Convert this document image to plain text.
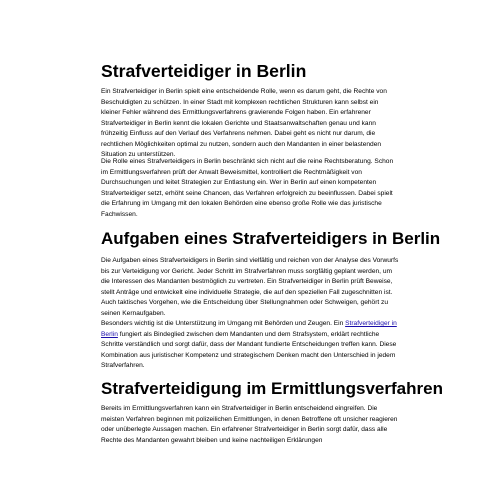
Strafverteidiger in Berlin

Ein Strafverteidiger in Berlin spielt eine entscheidende Rolle, wenn es darum geht, die Rechte von Beschuldigten zu schützen. In einer Stadt mit komplexen rechtlichen Strukturen kann selbst ein kleiner Fehler während des Ermittlungsverfahrens gravierende Folgen haben. Ein erfahrener Strafverteidiger in Berlin kennt die lokalen Gerichte und Staatsanwaltschaften genau und kann frühzeitig Einfluss auf den Verlauf des Verfahrens nehmen. Dabei geht es nicht nur darum, die rechtlichen Möglichkeiten optimal zu nutzen, sondern auch den Mandanten in einer belastenden Situation zu unterstützen.

Die Rolle eines Strafverteidigers in Berlin beschränkt sich nicht auf die reine Rechtsberatung. Schon im Ermittlungsverfahren prüft der Anwalt Beweismittel, kontrolliert die Rechtmäßigkeit von Durchsuchungen und leitet Strategien zur Entlastung ein. Wer in Berlin auf einen kompetenten Strafverteidiger setzt, erhöht seine Chancen, das Verfahren erfolgreich zu beeinflussen. Dabei spielt die Erfahrung im Umgang mit den lokalen Behörden eine ebenso große Rolle wie das juristische Fachwissen.

Aufgaben eines Strafverteidigers in Berlin

Die Aufgaben eines Strafverteidigers in Berlin sind vielfältig und reichen von der Analyse des Vorwurfs bis zur Verteidigung vor Gericht. Jeder Schritt im Strafverfahren muss sorgfältig geplant werden, um die Interessen des Mandanten bestmöglich zu vertreten. Ein Strafverteidiger in Berlin prüft Beweise, stellt Anträge und entwickelt eine individuelle Strategie, die auf den speziellen Fall zugeschnitten ist. Auch taktisches Vorgehen, wie die Entscheidung über Stellungnahmen oder Schweigen, gehört zu seinen Kernaufgaben.

Besonders wichtig ist die Unterstützung im Umgang mit Behörden und Zeugen. Ein Strafverteidiger in Berlin fungiert als Bindeglied zwischen dem Mandanten und dem Strafsystem, erklärt rechtliche Schritte verständlich und sorgt dafür, dass der Mandant fundierte Entscheidungen treffen kann. Diese Kombination aus juristischer Kompetenz und strategischem Denken macht den Unterschied in jedem Strafverfahren.

Strafverteidigung im Ermittlungsverfahren

Bereits im Ermittlungsverfahren kann ein Strafverteidiger in Berlin entscheidend eingreifen. Die meisten Verfahren beginnen mit polizeilichen Ermittlungen, in denen Betroffene oft unsicher reagieren oder unüberlegte Aussagen machen. Ein erfahrener Strafverteidiger in Berlin sorgt dafür, dass alle Rechte des Mandanten gewahrt bleiben und keine nachteiligen Erklärungen
